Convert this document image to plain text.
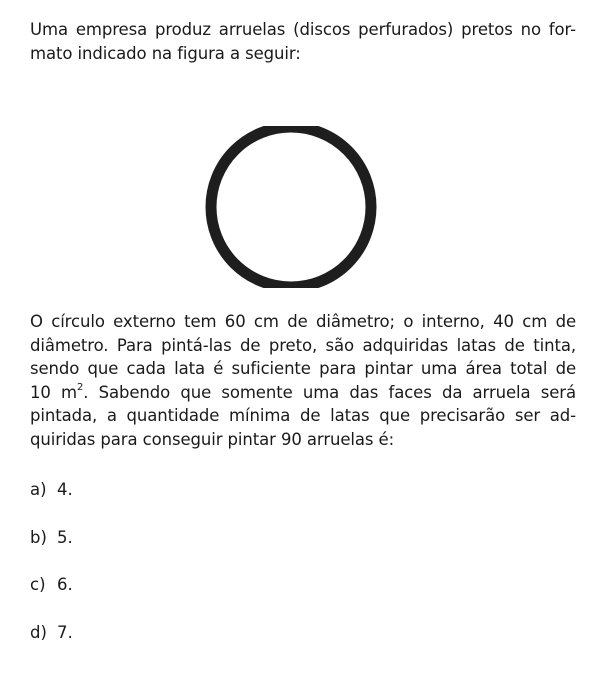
Uma empresa produz arruelas (discos perfurados) pretos no for-
mato indicado na figura a seguir:

O círculo externo tem 60 cm de diâmetro; o interno, 40 cm de
diâmetro. Para pintá-las de preto, são adquiridas latas de tinta,
sendo que cada lata é suficiente para pintar uma área total de
10 $m^2$. Sabendo que somente uma das faces da arruela será
pintada, a quantidade mínima de latas que precisarão ser ad-
quiridas para conseguir pintar 90 arruelas é:

a) 4.
b) 5.
c) 6.
d) 7.
